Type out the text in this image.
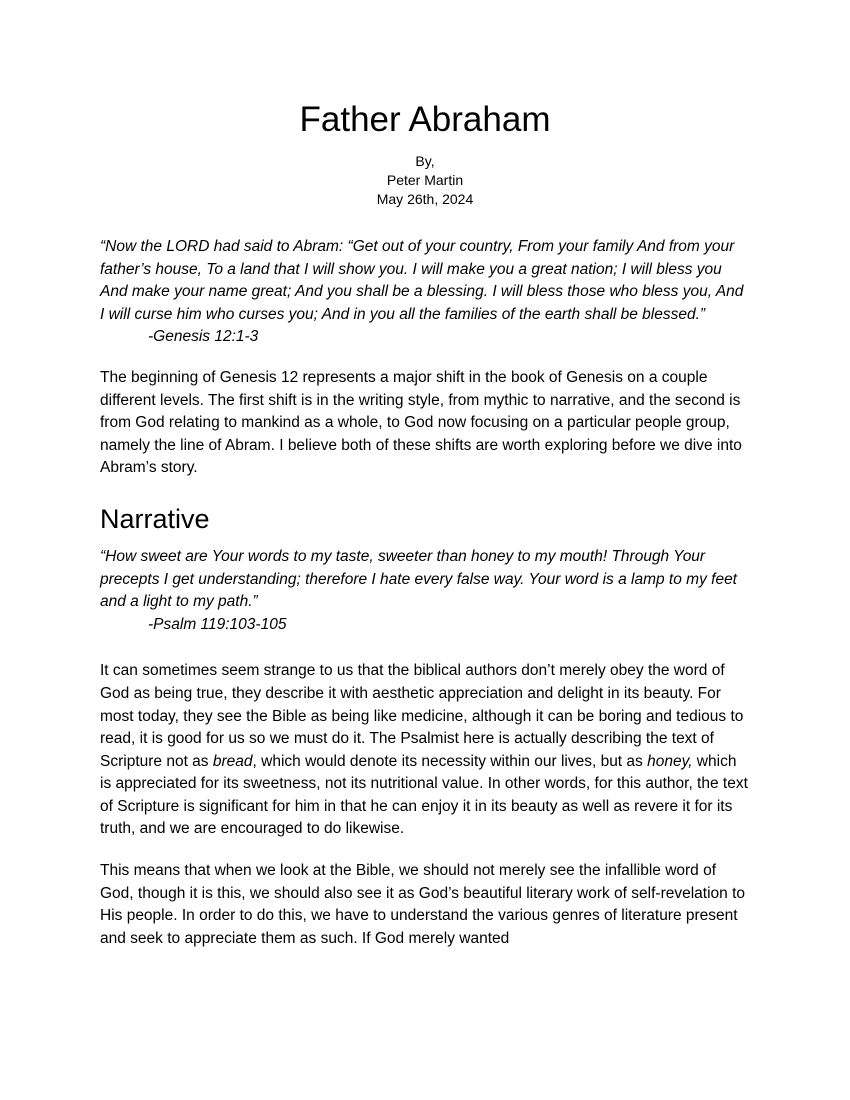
Father Abraham

By,

Peter Martin

May 26th, 2024

“Now the LORD had said to Abram: “Get out of your country, From your family And from your father’s house, To a land that I will show you. I will make you a great nation; I will bless you And make your name great; And you shall be a blessing. I will bless those who bless you, And I will curse him who curses you; And in you all the families of the earth shall be blessed.”

-Genesis 12:1-3

The beginning of Genesis 12 represents a major shift in the book of Genesis on a couple different levels. The first shift is in the writing style, from mythic to narrative, and the second is from God relating to mankind as a whole, to God now focusing on a particular people group, namely the line of Abram. I believe both of these shifts are worth exploring before we dive into Abram’s story.

Narrative

“How sweet are Your words to my taste, sweeter than honey to my mouth! Through Your precepts I get understanding; therefore I hate every false way. Your word is a lamp to my feet and a light to my path.”

-Psalm 119:103-105

It can sometimes seem strange to us that the biblical authors don’t merely obey the word of God as being true, they describe it with aesthetic appreciation and delight in its beauty. For most today, they see the Bible as being like medicine, although it can be boring and tedious to read, it is good for us so we must do it. The Psalmist here is actually describing the text of Scripture not as bread, which would denote its necessity within our lives, but as honey, which is appreciated for its sweetness, not its nutritional value. In other words, for this author, the text of Scripture is significant for him in that he can enjoy it in its beauty as well as revere it for its truth, and we are encouraged to do likewise.

This means that when we look at the Bible, we should not merely see the infallible word of God, though it is this, we should also see it as God’s beautiful literary work of self-revelation to His people. In order to do this, we have to understand the various genres of literature present and seek to appreciate them as such. If God merely wanted
